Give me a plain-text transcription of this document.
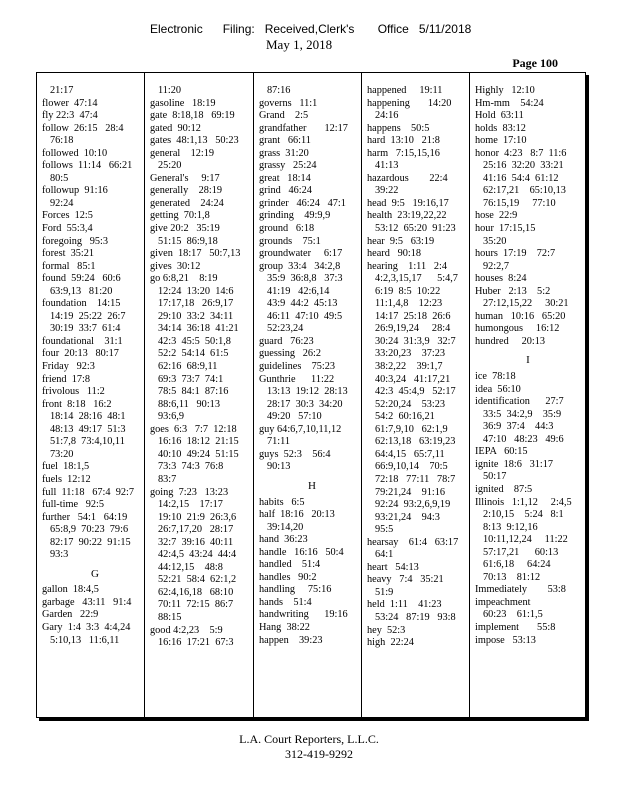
Electronic      Filing:   Received,Clerk's       Office   5/11/2018
May 1, 2018
Page 100
21:17
flower  47:14
fly 22:3  47:4
follow  26:15   28:4
76:18
followed  10:10
follows  11:14   66:21
80:5
followup  91:16
92:24
Forces  12:5
Ford  55:3,4
foregoing   95:3
forest  35:21
formal   85:1
found  59:24   60:6
63:9,13   81:20
foundation    14:15
14:19  25:22  26:7
30:19  33:7  61:4
foundational    31:1
four  20:13   80:17
Friday   92:3
friend  17:8
frivolous   11:2
front  8:18   16:2
18:14  28:16  48:1
48:13  49:17  51:3
51:7,8  73:4,10,11
73:20
fuel  18:1,5
fuels  12:12
full  11:18   67:4  92:7
full-time   92:5
further   54:1   64:19
65:8,9  70:23  79:6
82:17  90:22  91:15
93:3
G
gallon  18:4,5
garbage   43:11   91:4
Garden   22:9
Gary  1:4  3:3  4:4,24
5:10,13   11:6,11
11:20
gasoline   18:19
gate  8:18,18   69:19
gated  90:12
gates  48:1,13   50:23
general    12:19
25:20
General's     9:17
generally    28:19
generated    24:24
getting  70:1,8
give 20:2   35:19
51:15  86:9,18
given  18:17   50:7,13
gives  30:12
go 6:8,21    8:19
12:24  13:20  14:6
17:17,18   26:9,17
29:10  33:2  34:11
34:14  36:18  41:21
42:3  45:5  50:1,8
52:2  54:14  61:5
62:16  68:9,11
69:3  73:7  74:1
78:5  84:1  87:16
88:6,11   90:13
93:6,9
goes  6:3   7:7  12:18
16:16  18:12  21:15
40:10  49:24  51:15
73:3  74:3  76:8
83:7
going  7:23   13:23
14:2,15    17:17
19:10  21:9  26:3,6
26:7,17,20   28:17
32:7  39:16  40:11
42:4,5  43:24  44:4
44:12,15    48:8
52:21  58:4  62:1,2
62:4,16,18   68:10
70:11  72:15  86:7
88:15
good 4:2,23    5:9
16:16  17:21  67:3
87:16
governs   11:1
Grand    2:5
grandfather       12:17
grant   66:11
grass  31:20
grassy   25:24
great   18:14
grind   46:24
grinder   46:24   47:1
grinding    49:9,9
ground   6:18
grounds    75:1
groundwater     6:17
group  33:4   34:2,8
35:9  36:8,8   37:3
41:19   42:6,14
43:9  44:2  45:13
46:11  47:10  49:5
52:23,24
guard   76:23
guessing   26:2
guidelines    75:23
Gunthrie      11:22
13:13  19:12  28:13
28:17  30:3  34:20
49:20   57:10
guy 64:6,7,10,11,12
71:11
guys  52:3    56:4
90:13
H
habits   6:5
half  18:16   20:13
39:14,20
hand  36:23
handle   16:16   50:4
handled    51:4
handles   90:2
handling     75:16
hands    51:4
handwriting      19:16
Hang  38:22
happen    39:23
happened     19:11
happening       14:20
24:16
happens    50:5
hard  13:10   21:8
harm   7:15,15,16
41:13
hazardous        22:4
39:22
head  9:5   19:16,17
health  23:19,22,22
53:12  65:20  91:23
hear  9:5   63:19
heard   90:18
hearing    1:11   2:4
4:2,3,15,17      5:4,7
6:19  8:5  10:22
11:1,4,8    12:23
14:17  25:18  26:6
26:9,19,24     28:4
30:24  31:3,9   32:7
33:20,23    37:23
38:2,22    39:1,7
40:3,24   41:17,21
42:3  45:4,9   52:17
52:20,24    53:23
54:2  60:16,21
61:7,9,10   62:1,9
62:13,18   63:19,23
64:4,15   65:7,11
66:9,10,14    70:5
72:18   77:11   78:7
79:21,24    91:16
92:24  93:2,6,9,19
93:21,24    94:3
95:5
hearsay    61:4   63:17
64:1
heart   54:13
heavy   7:4   35:21
51:9
held  1:11    41:23
53:24   87:19   93:8
hey  52:3
high  22:24
Highly   12:10
Hm-mm    54:24
Hold  63:11
holds  83:12
home  17:10
honor  4:23   8:7  11:6
25:16  32:20  33:21
41:16  54:4  61:12
62:17,21    65:10,13
76:15,19     77:10
hose  22:9
hour  17:15,15
35:20
hours  17:19    72:7
92:2,7
houses  8:24
Huber   2:13    5:2
27:12,15,22     30:21
human   10:16   65:20
humongous     16:12
hundred     20:13
I
ice  78:18
idea  56:10
identification      27:7
33:5  34:2,9    35:9
36:9  37:4    44:3
47:10   48:23   49:6
IEPA   60:15
ignite  18:6   31:17
50:17
ignited    87:5
Illinois   1:1,12     2:4,5
2:10,15    5:24   8:1
8:13  9:12,16
10:11,12,24     11:22
57:17,21      60:13
61:6,18     64:24
70:13    81:12
Immediately        53:8
impeachment
60:23    61:1,5
implement       55:8
impose   53:13
L.A. Court Reporters, L.L.C.
312-419-9292
